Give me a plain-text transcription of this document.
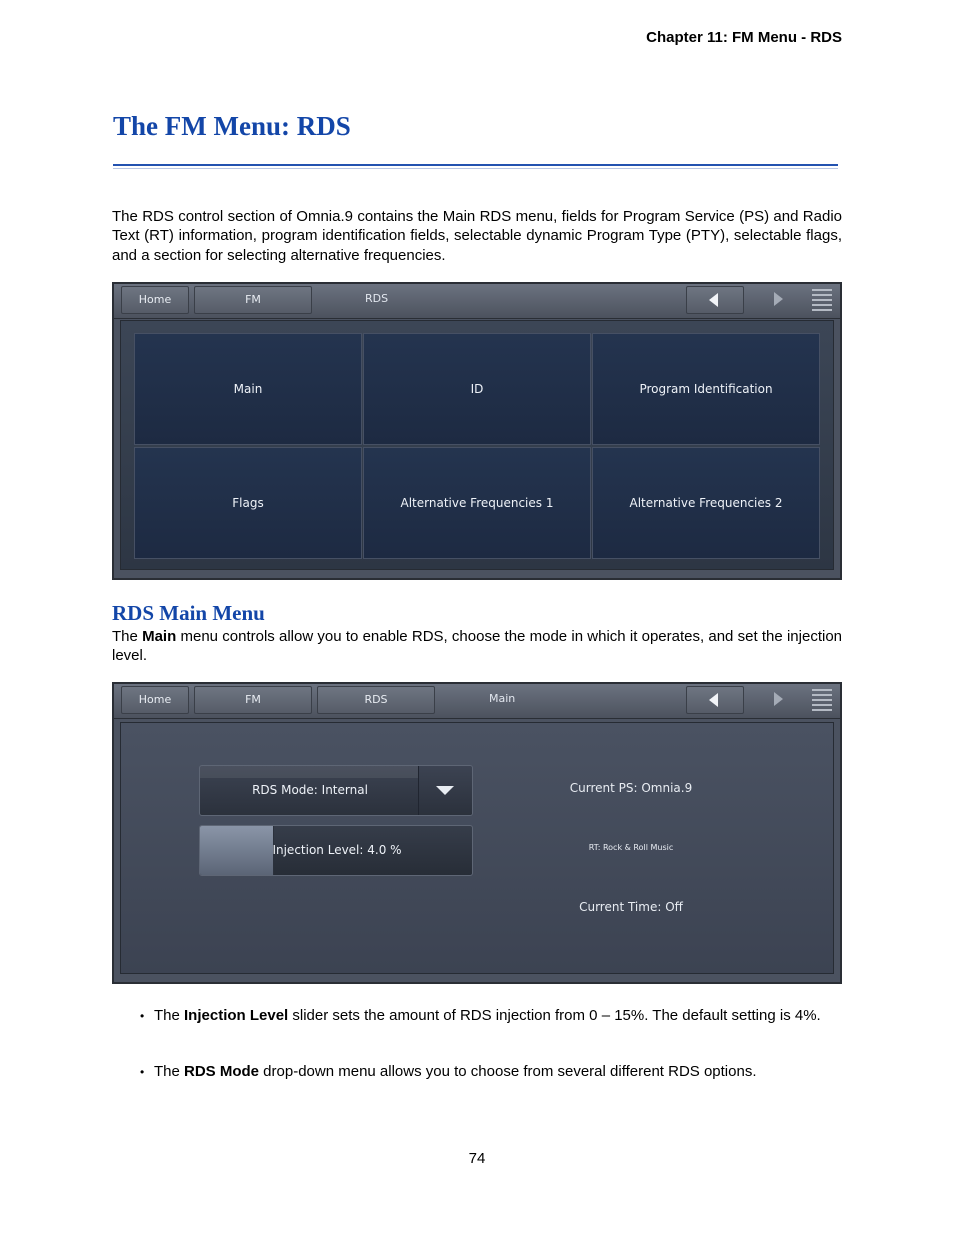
Chapter 11: FM Menu - RDS
The FM Menu: RDS
The RDS control section of Omnia.9 contains the Main RDS menu, fields for Program Service (PS) and Radio Text (RT) information, program identification fields, selectable dynamic Program Type (PTY), selectable flags, and a section for selecting alternative frequencies.
Home	FM	RDS
Main	ID	Program Identification
Flags	Alternative Frequencies 1	Alternative Frequencies 2
RDS Main Menu
The Main menu controls allow you to enable RDS, choose the mode in which it operates, and set the injection level.
Home	FM	RDS	Main
RDS Mode: Internal
Injection Level: 4.0 %
Current PS: Omnia.9
RT: Rock & Roll Music
Current Time: Off
• The Injection Level slider sets the amount of RDS injection from 0 – 15%. The default setting is 4%.
• The RDS Mode drop-down menu allows you to choose from several different RDS options.
74
